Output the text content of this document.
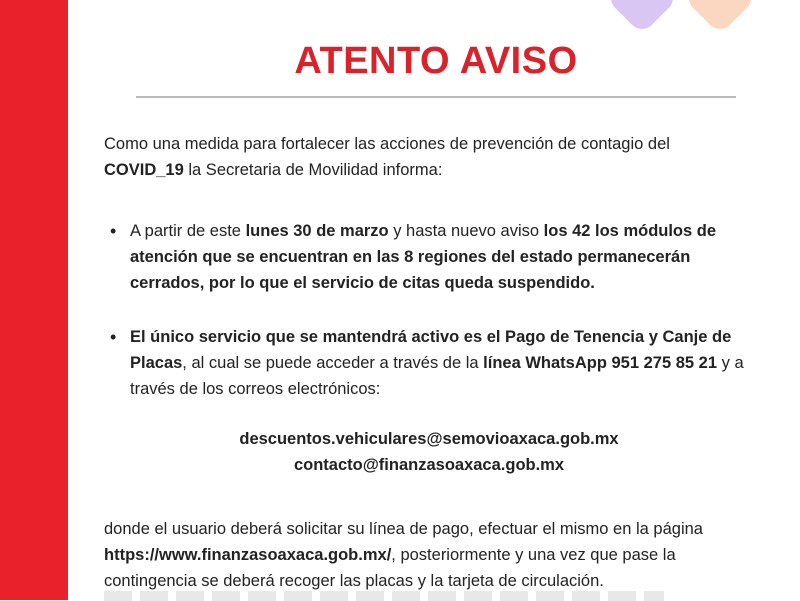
ATENTO AVISO

Como una medida para fortalecer las acciones de prevención de contagio del COVID_19 la Secretaria de Movilidad informa:

• A partir de este lunes 30 de marzo y hasta nuevo aviso los 42 los módulos de atención que se encuentran en las 8 regiones del estado permanecerán cerrados, por lo que el servicio de citas queda suspendido.
• El único servicio que se mantendrá activo es el Pago de Tenencia y Canje de Placas, al cual se puede acceder a través de la línea WhatsApp 951 275 85 21 y a través de los correos electrónicos:
descuentos.vehiculares@semovioaxaca.gob.mx
contacto@finanzasoaxaca.gob.mx

donde el usuario deberá solicitar su línea de pago, efectuar el mismo en la página https://www.finanzasoaxaca.gob.mx/, posteriormente y una vez que pase la contingencia se deberá recoger las placas y la tarjeta de circulación.
